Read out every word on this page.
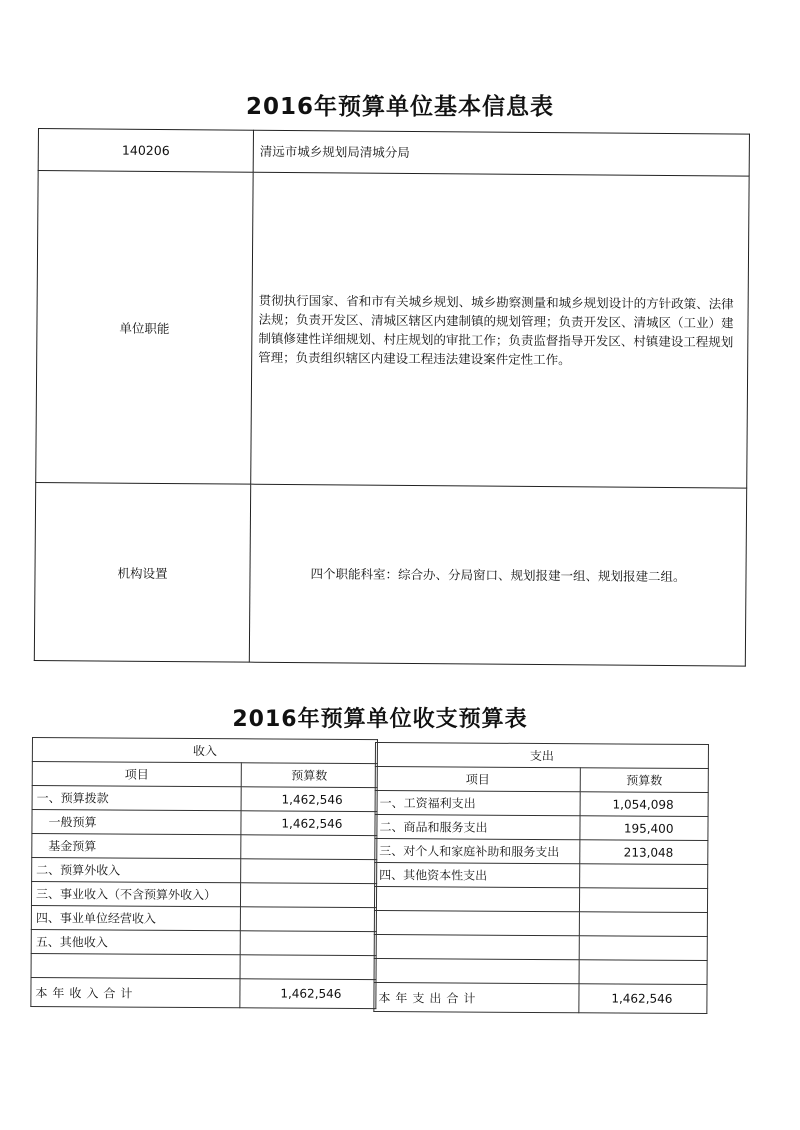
2016年预算单位基本信息表
140206	清远市城乡规划局清城分局
单位职能	贯彻执行国家、省和市有关城乡规划、城乡勘察测量和城乡规划设计的方针政策、法律法规；负责开发区、清城区辖区内建制镇的规划管理；负责开发区、清城区（工业）建制镇修建性详细规划、村庄规划的审批工作；负责监督指导开发区、村镇建设工程规划管理；负责组织辖区内建设工程违法建设案件定性工作。
机构设置	四个职能科室：综合办、分局窗口、规划报建一组、规划报建二组。
2016年预算单位收支预算表
收入	
项目	预算数
一、预算拨款	1,462,546
一般预算	1,462,546
基金预算	
二、预算外收入	
三、事业收入（不含预算外收入）	
四、事业单位经营收入	
五、其他收入	

本年收入合计	1,462,546
支出	
项目	预算数
一、工资福利支出	1,054,098
二、商品和服务支出	195,400
三、对个人和家庭补助和服务支出	213,048
四、其他资本性支出	

本年支出合计	1,462,546
